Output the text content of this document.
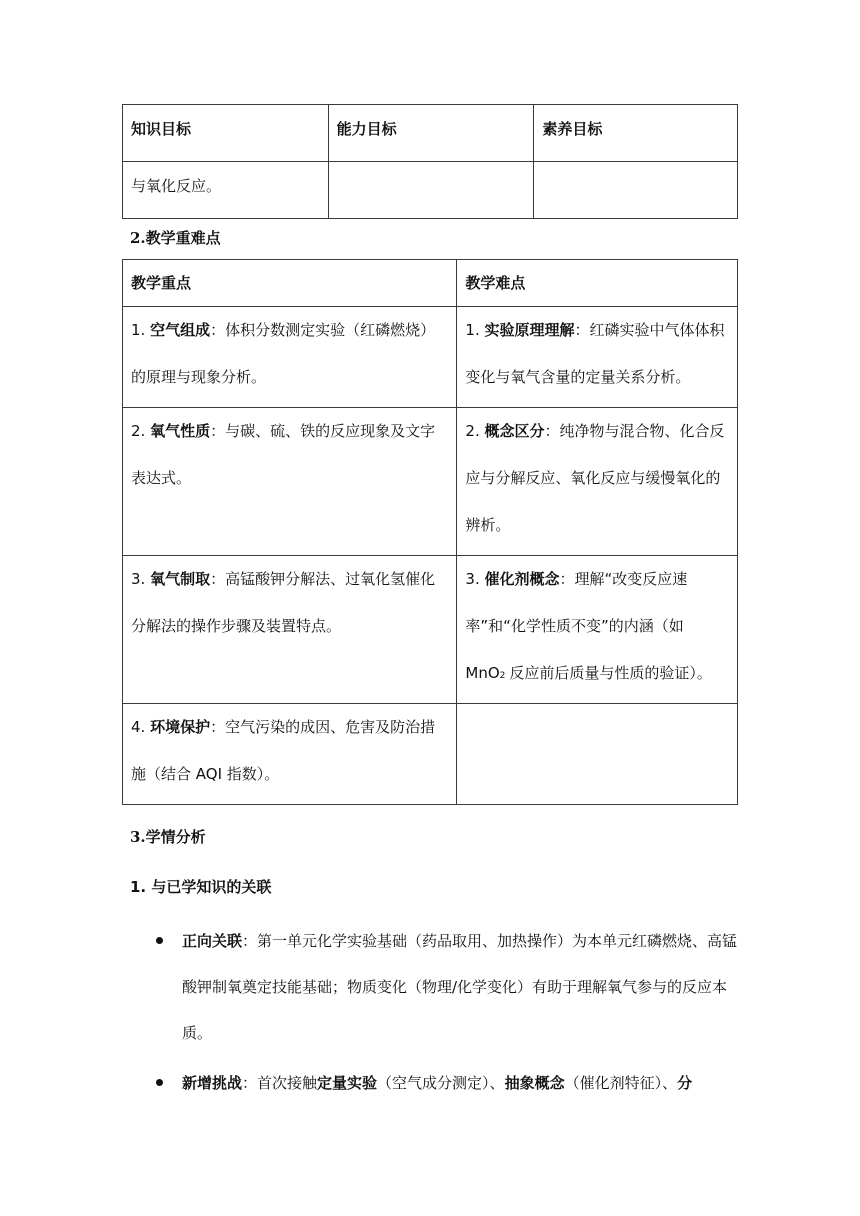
知识目标	能力目标	素养目标
与氧化反应。		
2.教学重难点
教学重点	教学难点
1. 空气组成：体积分数测定实验（红磷燃烧）的原理与现象分析。	1. 实验原理理解：红磷实验中气体体积变化与氧气含量的定量关系分析。
2. 氧气性质：与碳、硫、铁的反应现象及文字表达式。	2. 概念区分：纯净物与混合物、化合反应与分解反应、氧化反应与缓慢氧化的辨析。
3. 氧气制取：高锰酸钾分解法、过氧化氢催化分解法的操作步骤及装置特点。	3. 催化剂概念：理解“改变反应速率”和“化学性质不变”的内涵（如 MnO2 反应前后质量与性质的验证）。
4. 环境保护：空气污染的成因、危害及防治措施（结合 AQI 指数）。	
3.学情分析
1. 与已学知识的关联
正向关联：第一单元化学实验基础（药品取用、加热操作）为本单元红磷燃烧、高锰酸钾制氧奠定技能基础；物质变化（物理/化学变化）有助于理解氧气参与的反应本质。
新增挑战：首次接触定量实验（空气成分测定）、抽象概念（催化剂特征）、分
